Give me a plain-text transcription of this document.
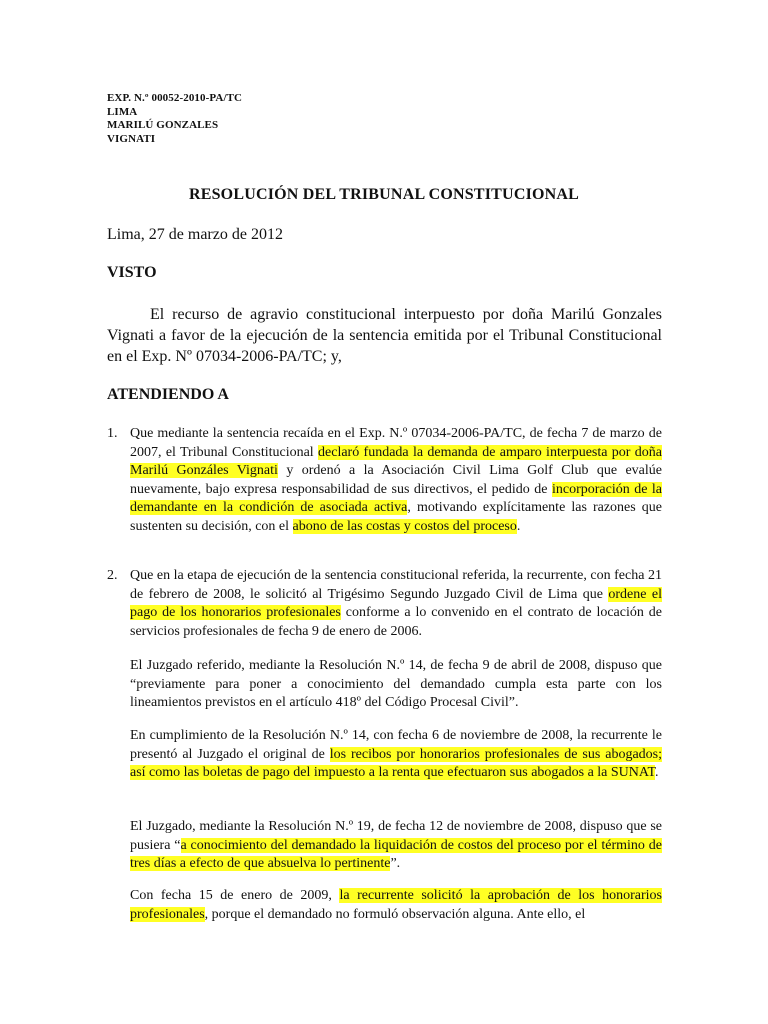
EXP. N.º 00052-2010-PA/TC
LIMA
MARILÚ GONZALES
VIGNATI
RESOLUCIÓN DEL TRIBUNAL CONSTITUCIONAL
Lima, 27 de marzo de 2012
VISTO
El recurso de agravio constitucional interpuesto por doña Marilú Gonzales Vignati a favor de la ejecución de la sentencia emitida por el Tribunal Constitucional en el Exp. Nº 07034-2006-PA/TC; y,
ATENDIENDO A
1. Que mediante la sentencia recaída en el Exp. N.º 07034-2006-PA/TC, de fecha 7 de marzo de 2007, el Tribunal Constitucional declaró fundada la demanda de amparo interpuesta por doña Marilú Gonzáles Vignati y ordenó a la Asociación Civil Lima Golf Club que evalúe nuevamente, bajo expresa responsabilidad de sus directivos, el pedido de incorporación de la demandante en la condición de asociada activa, motivando explícitamente las razones que sustenten su decisión, con el abono de las costas y costos del proceso.
2. Que en la etapa de ejecución de la sentencia constitucional referida, la recurrente, con fecha 21 de febrero de 2008, le solicitó al Trigésimo Segundo Juzgado Civil de Lima que ordene el pago de los honorarios profesionales conforme a lo convenido en el contrato de locación de servicios profesionales de fecha 9 de enero de 2006.
El Juzgado referido, mediante la Resolución N.º 14, de fecha 9 de abril de 2008, dispuso que “previamente para poner a conocimiento del demandado cumpla esta parte con los lineamientos previstos en el artículo 418º del Código Procesal Civil”.
En cumplimiento de la Resolución N.º 14, con fecha 6 de noviembre de 2008, la recurrente le presentó al Juzgado el original de los recibos por honorarios profesionales de sus abogados; así como las boletas de pago del impuesto a la renta que efectuaron sus abogados a la SUNAT.
El Juzgado, mediante la Resolución N.º 19, de fecha 12 de noviembre de 2008, dispuso que se pusiera “a conocimiento del demandado la liquidación de costos del proceso por el término de tres días a efecto de que absuelva lo pertinente”.
Con fecha 15 de enero de 2009, la recurrente solicitó la aprobación de los honorarios profesionales, porque el demandado no formuló observación alguna. Ante ello, el
